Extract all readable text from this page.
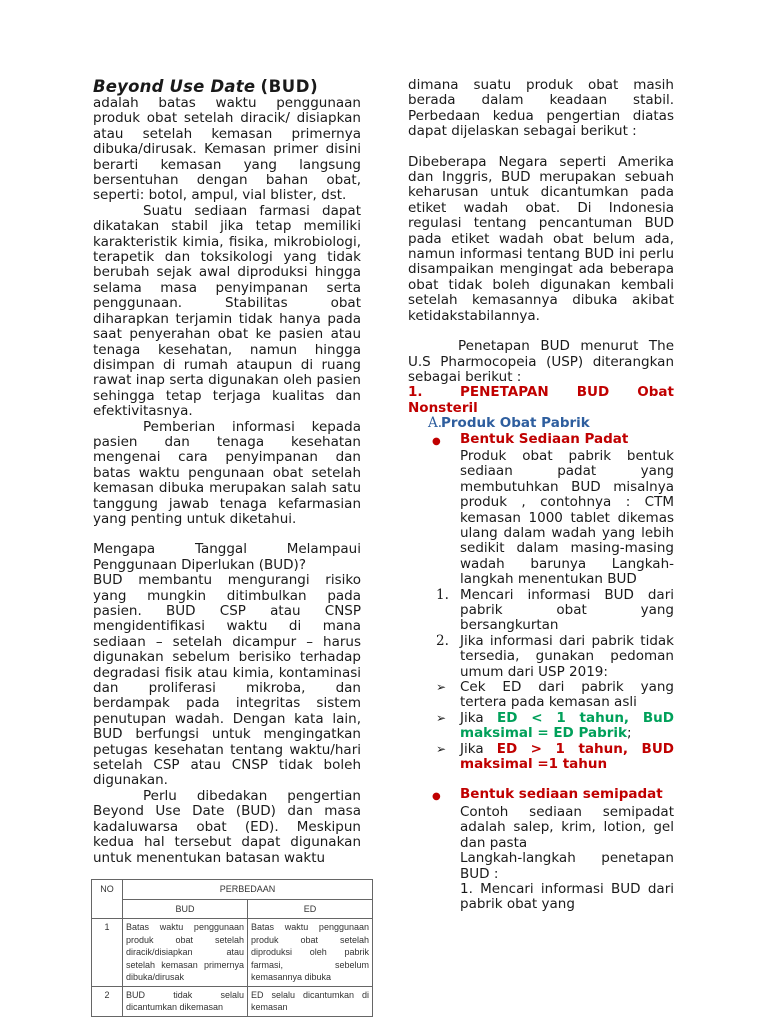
Beyond Use Date (BUD)

adalah batas waktu penggunaan produk obat setelah diracik/ disiapkan atau setelah kemasan primernya dibuka/dirusak. Kemasan primer disini berarti kemasan yang langsung bersentuhan dengan bahan obat, seperti: botol, ampul, vial blister, dst.

Suatu sediaan farmasi dapat dikatakan stabil jika tetap memiliki karakteristik kimia, fisika, mikrobiologi, terapetik dan toksikologi yang tidak berubah sejak awal diproduksi hingga selama masa penyimpanan serta penggunaan. Stabilitas obat diharapkan terjamin tidak hanya pada saat penyerahan obat ke pasien atau tenaga kesehatan, namun hingga disimpan di rumah ataupun di ruang rawat inap serta digunakan oleh pasien sehingga tetap terjaga kualitas dan efektivitasnya.

Pemberian informasi kepada pasien dan tenaga kesehatan mengenai cara penyimpanan dan batas waktu pengunaan obat setelah kemasan dibuka merupakan salah satu tanggung jawab tenaga kefarmasian yang penting untuk diketahui.

Mengapa Tanggal Melampaui Penggunaan Diperlukan (BUD)?

BUD membantu mengurangi risiko yang mungkin ditimbulkan pada pasien. BUD CSP atau CNSP mengidentifikasi waktu di mana sediaan – setelah dicampur – harus digunakan sebelum berisiko terhadap degradasi fisik atau kimia, kontaminasi dan proliferasi mikroba, dan berdampak pada integritas sistem penutupan wadah. Dengan kata lain, BUD berfungsi untuk mengingatkan petugas kesehatan tentang waktu/hari setelah CSP atau CNSP tidak boleh digunakan.

Perlu dibedakan pengertian Beyond Use Date (BUD) dan masa kadaluwarsa obat (ED). Meskipun kedua hal tersebut dapat digunakan untuk menentukan batasan waktu

NO	PERBEDAAN	
	BUD	ED
1	Batas waktu penggunaan produk obat setelah diracik/disiapkan atau setelah kemasan primernya dibuka/dirusak	Batas waktu penggunaan produk obat setelah diproduksi oleh pabrik farmasi, sebelum kemasannya dibuka
2	BUD tidak selalu dicantumkan dikemasan	ED selalu dicantumkan di kemasan

dimana suatu produk obat masih berada dalam keadaan stabil. Perbedaan kedua pengertian diatas dapat dijelaskan sebagai berikut :

Dibeberapa Negara seperti Amerika dan Inggris, BUD merupakan sebuah keharusan untuk dicantumkan pada etiket wadah obat. Di Indonesia regulasi tentang pencantuman BUD pada etiket wadah obat belum ada, namun informasi tentang BUD ini perlu disampaikan mengingat ada beberapa obat tidak boleh digunakan kembali setelah kemasannya dibuka akibat ketidakstabilannya.

Penetapan BUD menurut The U.S Pharmocopeia (USP) diterangkan sebagai berikut :

1.	PENETAPAN BUD Obat Nonsteril
A.
Produk Obat Pabrik
●	Bentuk Sediaan Padat

Produk obat pabrik bentuk sediaan padat yang membutuhkan BUD misalnya produk , contohnya : CTM kemasan 1000 tablet dikemas ulang dalam wadah yang lebih sedikit dalam masing-masing wadah barunya Langkah-langkah menentukan BUD

1. Mencari informasi BUD dari pabrik obat yang bersangkurtan
2. Jika informasi dari pabrik tidak tersedia, gunakan pedoman umum dari USP 2019:
➢	Cek ED dari pabrik yang tertera pada kemasan asli
➢	Jika ED < 1 tahun, BuD maksimal = ED Pabrik;
➢	Jika ED > 1 tahun, BUD maksimal =1 tahun
●	Bentuk sediaan semipadat

Contoh sediaan semipadat adalah salep, krim, lotion, gel dan pasta

Langkah-langkah penetapan BUD :

1. Mencari informasi BUD dari pabrik obat yang
